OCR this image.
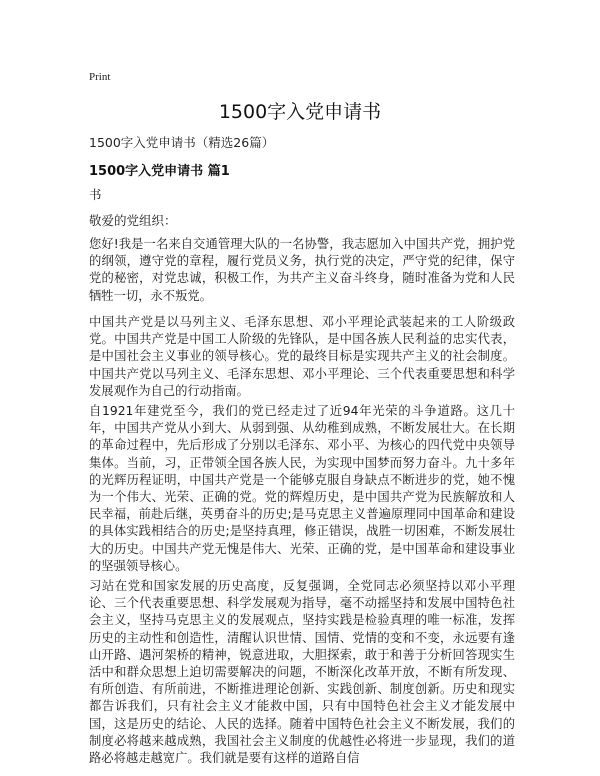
Print
1500字入党申请书
1500字入党申请书（精选26篇）
1500字入党申请书 篇1
书
敬爱的党组织：

您好!我是一名来自交通管理大队的一名协警，我志愿加入中国共产党，拥护党的纲领，遵守党的章程，履行党员义务，执行党的决定，严守党的纪律，保守党的秘密，对党忠诚，积极工作，为共产主义奋斗终身，随时准备为党和人民牺牲一切，永不叛党。

中国共产党是以马列主义、毛泽东思想、邓小平理论武装起来的工人阶级政党。中国共产党是中国工人阶级的先锋队，是中国各族人民利益的忠实代表，是中国社会主义事业的领导核心。党的最终目标是实现共产主义的社会制度。中国共产党以马列主义、毛泽东思想、邓小平理论、三个代表重要思想和科学发展观作为自己的行动指南。

自1921年建党至今，我们的党已经走过了近94年光荣的斗争道路。这几十年，中国共产党从小到大、从弱到强、从幼稚到成熟，不断发展壮大。在长期的革命过程中，先后形成了分别以毛泽东、邓小平、为核心的四代党中央领导集体。当前，习，正带领全国各族人民，为实现中国梦而努力奋斗。九十多年的光辉历程证明，中国共产党是一个能够克服自身缺点不断进步的党，她不愧为一个伟大、光荣、正确的党。党的辉煌历史，是中国共产党为民族解放和人民幸福，前赴后继，英勇奋斗的历史;是马克思主义普遍原理同中国革命和建设的具体实践相结合的历史;是坚持真理，修正错误，战胜一切困难，不断发展壮大的历史。中国共产党无愧是伟大、光荣、正确的党，是中国革命和建设事业的坚强领导核心。

习站在党和国家发展的历史高度，反复强调，全党同志必须坚持以邓小平理论、三个代表重要思想、科学发展观为指导，毫不动摇坚持和发展中国特色社会主义，坚持马克思主义的发展观点，坚持实践是检验真理的唯一标准，发挥历史的主动性和创造性，清醒认识世情、国情、党情的变和不变，永远要有逢山开路、遇河架桥的精神，锐意进取，大胆探索，敢于和善于分析回答现实生活中和群众思想上迫切需要解决的问题，不断深化改革开放，不断有所发现、有所创造、有所前进，不断推进理论创新、实践创新、制度创新。历史和现实都告诉我们，只有社会主义才能救中国，只有中国特色社会主义才能发展中国，这是历史的结论、人民的选择。随着中国特色社会主义不断发展，我们的制度必将越来越成熟，我国社会主义制度的优越性必将进一步显现，我们的道路必将越走越宽广。我们就是要有这样的道路自信
